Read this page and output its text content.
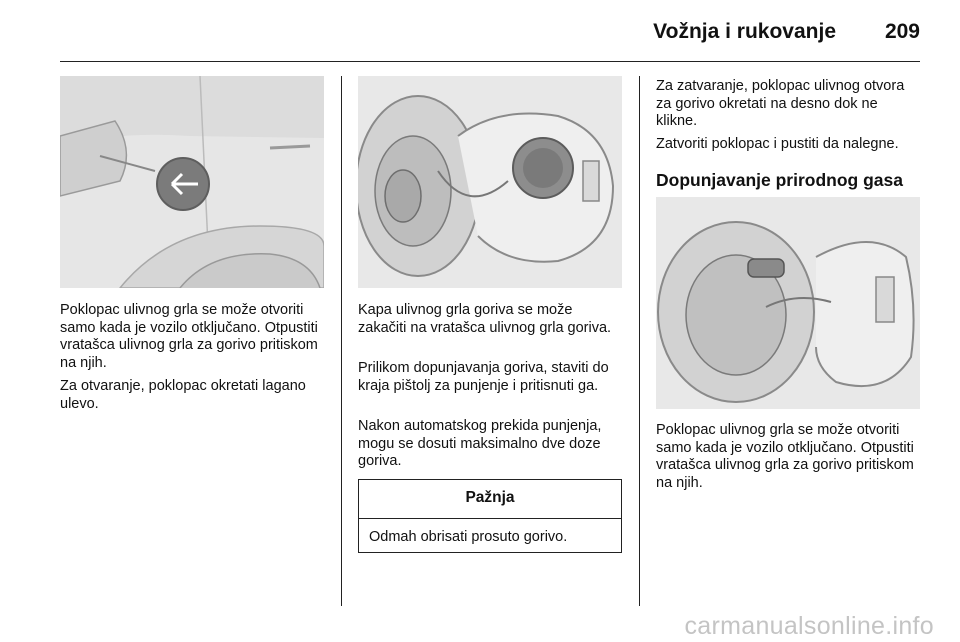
Vožnja i rukovanje 209

Poklopac ulivnog grla se može otvoriti samo kada je vozilo otključano. Otpustiti vratašca ulivnog grla za gorivo pritiskom na njih.

Za otvaranje, poklopac okretati lagano ulevo.

Kapa ulivnog grla goriva se može zakačiti na vratašca ulivnog grla goriva.

Prilikom dopunjavanja goriva, staviti do kraja pištolj za punjenje i pritisnuti ga.

Nakon automatskog prekida punjenja, mogu se dosuti maksimalno dve doze goriva.

Pažnja
Odmah obrisati prosuto gorivo.

Za zatvaranje, poklopac ulivnog otvora za gorivo okretati na desno dok ne klikne.

Zatvoriti poklopac i pustiti da nalegne.

Dopunjavanje prirodnog gasa

Poklopac ulivnog grla se može otvoriti samo kada je vozilo otključano. Otpustiti vratašca ulivnog grla za gorivo pritiskom na njih.

carmanualsonline.info
